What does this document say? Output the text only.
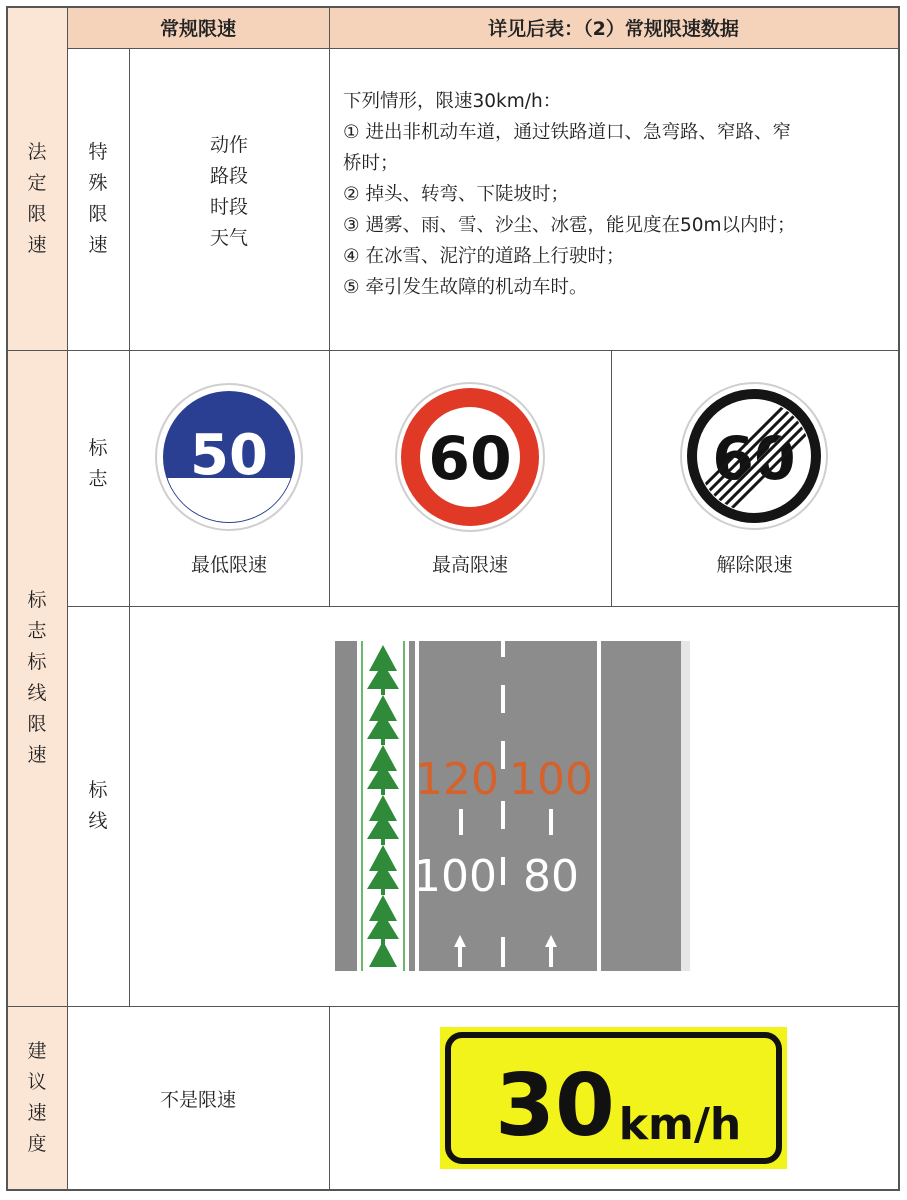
常规限速	详见后表：（2）常规限速数据
法
定
限
速
特
殊
限
速
动作
路段
时段
天气
下列情形，限速30km/h：
① 进出非机动车道，通过铁路道口、急弯路、窄路、窄
桥时；
② 掉头、转弯、下陡坡时；
③ 遇雾、雨、雪、沙尘、冰雹，能见度在50m以内时；
④ 在冰雪、泥泞的道路上行驶时；
⑤ 牵引发生故障的机动车时。
标
志
标
线
限
速
标
志 50
最低限速
60
最高限速
60
解除限速
标
线
120 100
100 80
建
议
速
度
不是限速	30 km/h
